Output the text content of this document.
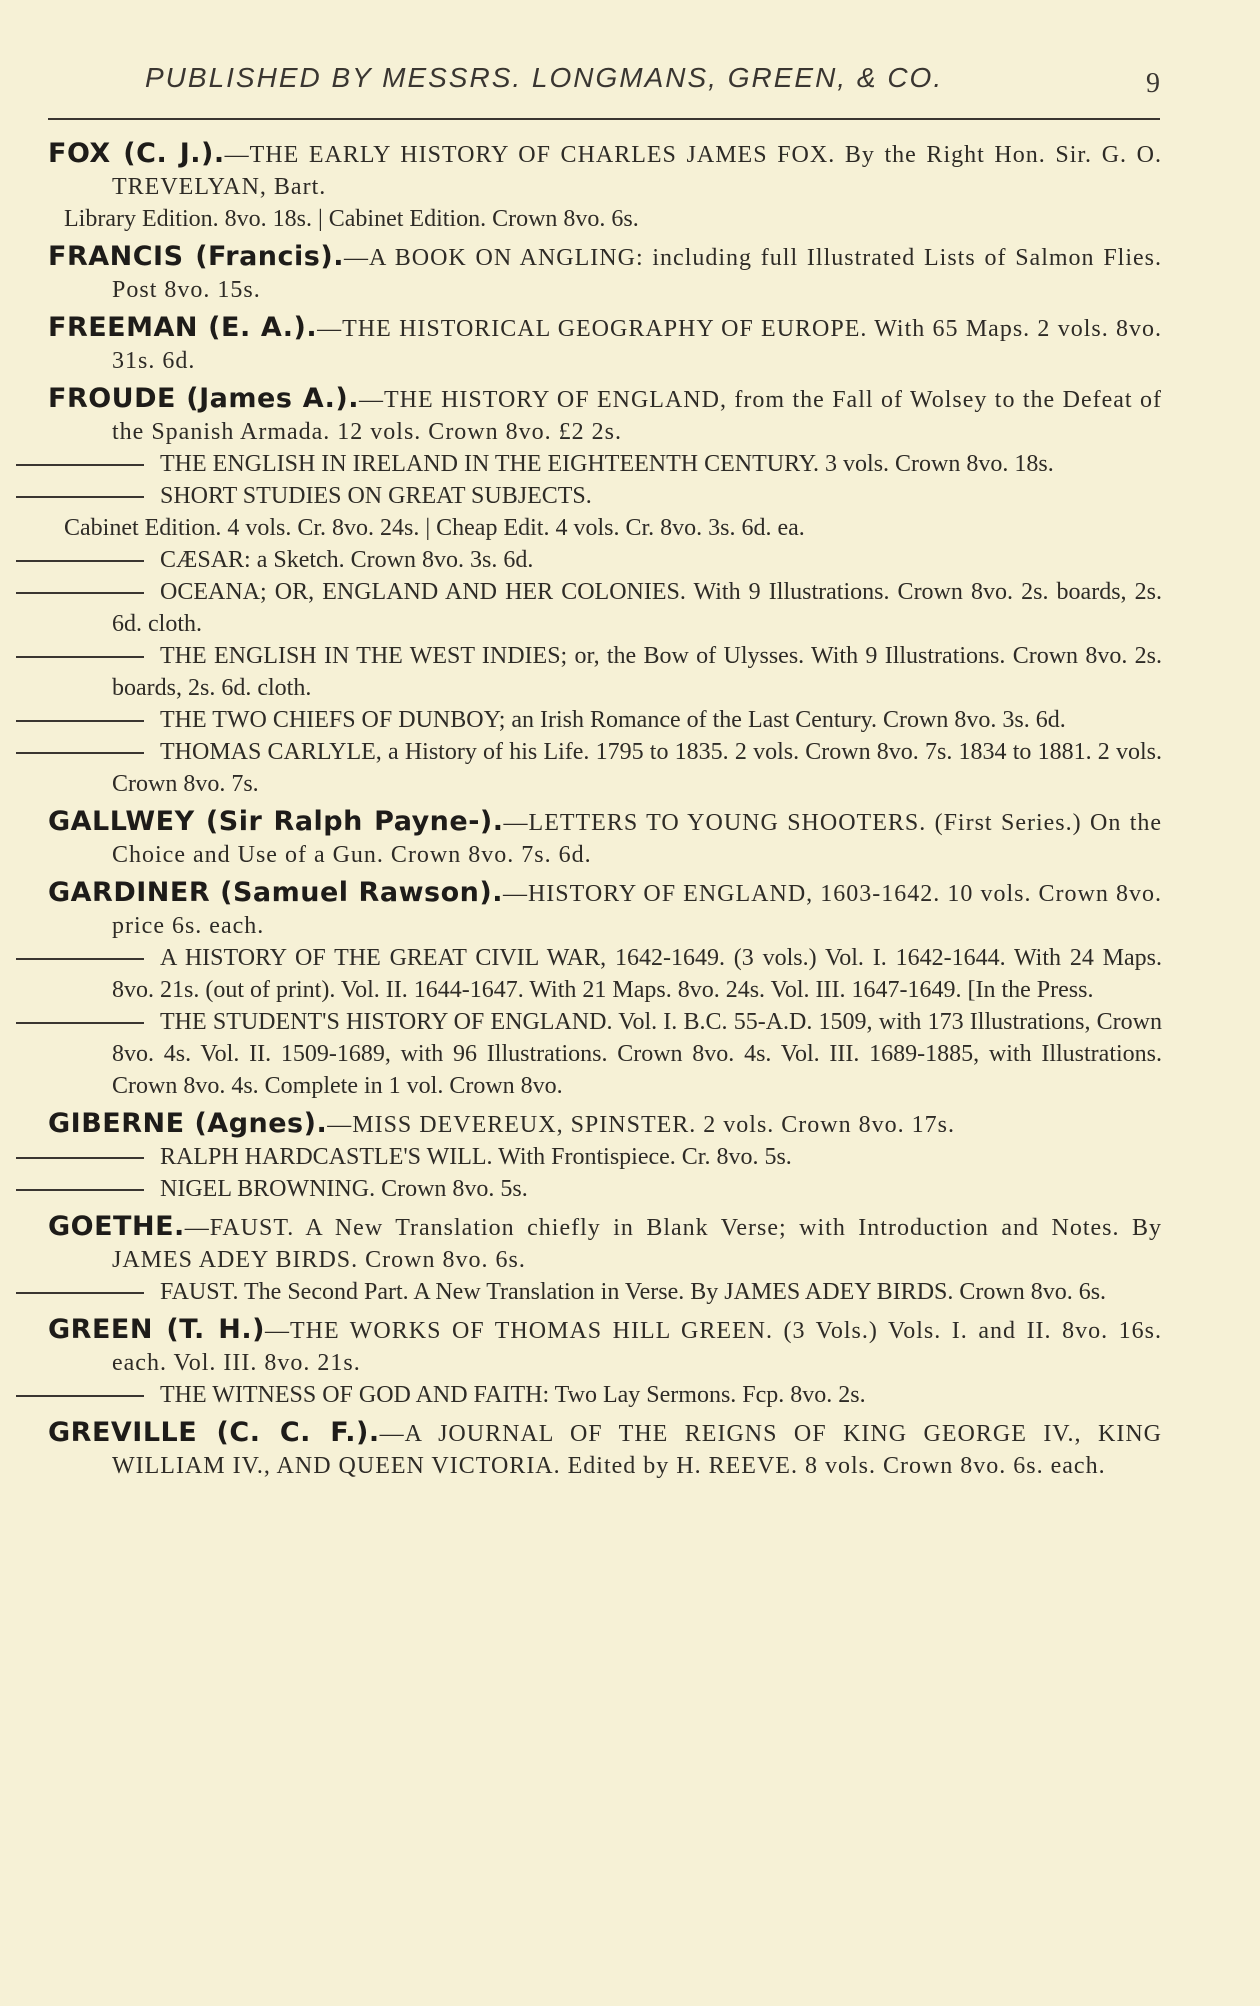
PUBLISHED BY MESSRS. LONGMANS, GREEN, & CO.	9

FOX (C. J.).—THE EARLY HISTORY OF CHARLES JAMES FOX. By the Right Hon. Sir. G. O. TREVELYAN, Bart.

Library Edition. 8vo. 18s. | Cabinet Edition. Crown 8vo. 6s.

FRANCIS (Francis).—A BOOK ON ANGLING: including full Illustrated Lists of Salmon Flies. Post 8vo. 15s.

FREEMAN (E. A.).—THE HISTORICAL GEOGRAPHY OF EUROPE. With 65 Maps. 2 vols. 8vo. 31s. 6d.

FROUDE (James A.).—THE HISTORY OF ENGLAND, from the Fall of Wolsey to the Defeat of the Spanish Armada. 12 vols. Crown 8vo. £2 2s.

THE ENGLISH IN IRELAND IN THE EIGHTEENTH CENTURY. 3 vols. Crown 8vo. 18s.

SHORT STUDIES ON GREAT SUBJECTS.

Cabinet Edition. 4 vols. Cr. 8vo. 24s. | Cheap Edit. 4 vols. Cr. 8vo. 3s. 6d. ea.

CÆSAR: a Sketch. Crown 8vo. 3s. 6d.

OCEANA; OR, ENGLAND AND HER COLONIES. With 9 Illustrations. Crown 8vo. 2s. boards, 2s. 6d. cloth.

THE ENGLISH IN THE WEST INDIES; or, the Bow of Ulysses. With 9 Illustrations. Crown 8vo. 2s. boards, 2s. 6d. cloth.

THE TWO CHIEFS OF DUNBOY; an Irish Romance of the Last Century. Crown 8vo. 3s. 6d.

THOMAS CARLYLE, a History of his Life. 1795 to 1835. 2 vols. Crown 8vo. 7s. 1834 to 1881. 2 vols. Crown 8vo. 7s.

GALLWEY (Sir Ralph Payne-).—LETTERS TO YOUNG SHOOTERS. (First Series.) On the Choice and Use of a Gun. Crown 8vo. 7s. 6d.

GARDINER (Samuel Rawson).—HISTORY OF ENGLAND, 1603-1642. 10 vols. Crown 8vo. price 6s. each.

A HISTORY OF THE GREAT CIVIL WAR, 1642-1649. (3 vols.) Vol. I. 1642-1644. With 24 Maps. 8vo. 21s. (out of print). Vol. II. 1644-1647. With 21 Maps. 8vo. 24s. Vol. III. 1647-1649. [In the Press.

THE STUDENT'S HISTORY OF ENGLAND. Vol. I. B.C. 55-A.D. 1509, with 173 Illustrations, Crown 8vo. 4s. Vol. II. 1509-1689, with 96 Illustrations. Crown 8vo. 4s. Vol. III. 1689-1885, with Illustrations. Crown 8vo. 4s. Complete in 1 vol. Crown 8vo.

GIBERNE (Agnes).—MISS DEVEREUX, SPINSTER. 2 vols. Crown 8vo. 17s.

RALPH HARDCASTLE'S WILL. With Frontispiece. Cr. 8vo. 5s.

NIGEL BROWNING. Crown 8vo. 5s.

GOETHE.—FAUST. A New Translation chiefly in Blank Verse; with Introduction and Notes. By JAMES ADEY BIRDS. Crown 8vo. 6s.

FAUST. The Second Part. A New Translation in Verse. By JAMES ADEY BIRDS. Crown 8vo. 6s.

GREEN (T. H.)—THE WORKS OF THOMAS HILL GREEN. (3 Vols.) Vols. I. and II. 8vo. 16s. each. Vol. III. 8vo. 21s.

THE WITNESS OF GOD AND FAITH: Two Lay Sermons. Fcp. 8vo. 2s.

GREVILLE (C. C. F.).—A JOURNAL OF THE REIGNS OF KING GEORGE IV., KING WILLIAM IV., AND QUEEN VICTORIA. Edited by H. REEVE. 8 vols. Crown 8vo. 6s. each.
